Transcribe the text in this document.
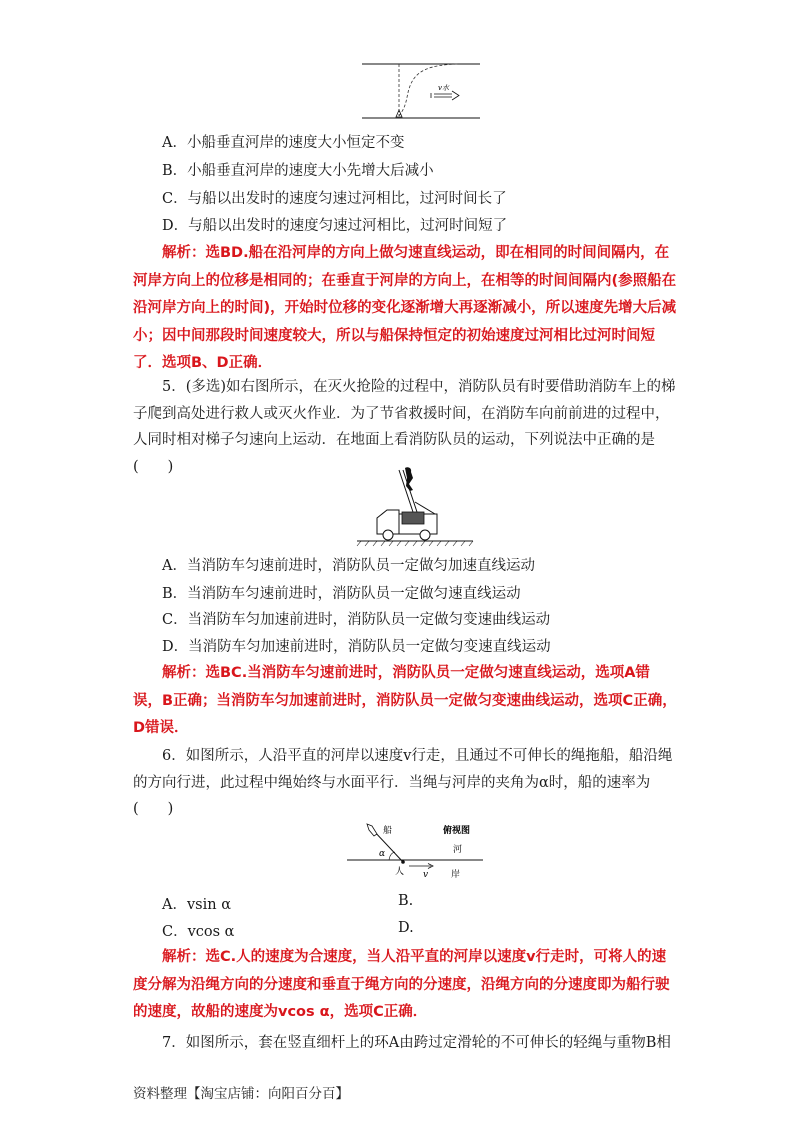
v水
A．小船垂直河岸的速度大小恒定不变
B．小船垂直河岸的速度大小先增大后减小
C．与船以出发时的速度匀速过河相比，过河时间长了
D．与船以出发时的速度匀速过河相比，过河时间短了
解析：选BD.船在沿河岸的方向上做匀速直线运动，即在相同的时间间隔内，在河岸方向上的位移是相同的；在垂直于河岸的方向上，在相等的时间间隔内(参照船在沿河岸方向上的时间)，开始时位移的变化逐渐增大再逐渐减小，所以速度先增大后减小；因中间那段时间速度较大，所以与船保持恒定的初始速度过河相比过河时间短了．选项B、D正确．
5．(多选)如右图所示，在灭火抢险的过程中，消防队员有时要借助消防车上的梯子爬到高处进行救人或灭火作业．为了节省救援时间，在消防车向前前进的过程中，人同时相对梯子匀速向上运动．在地面上看消防队员的运动，下列说法中正确的是(　　)
A．当消防车匀速前进时，消防队员一定做匀加速直线运动
B．当消防车匀速前进时，消防队员一定做匀速直线运动
C．当消防车匀加速前进时，消防队员一定做匀变速曲线运动
D．当消防车匀加速前进时，消防队员一定做匀变速直线运动
解析：选BC.当消防车匀速前进时，消防队员一定做匀速直线运动，选项A错误，B正确；当消防车匀加速前进时，消防队员一定做匀变速曲线运动，选项C正确，D错误．
6．如图所示，人沿平直的河岸以速度v行走，且通过不可伸长的绳拖船，船沿绳的方向行进，此过程中绳始终与水面平行．当绳与河岸的夹角为α时，船的速率为(　　)
船	俯视图
河
α
人 v	岸
A．vsin α	B.
C．vcos α	D.
解析：选C.人的速度为合速度，当人沿平直的河岸以速度v行走时，可将人的速度分解为沿绳方向的分速度和垂直于绳方向的分速度，沿绳方向的分速度即为船行驶的速度，故船的速度为vcos α，选项C正确．
7．如图所示，套在竖直细杆上的环A由跨过定滑轮的不可伸长的轻绳与重物B相
资料整理【淘宝店铺：向阳百分百】
